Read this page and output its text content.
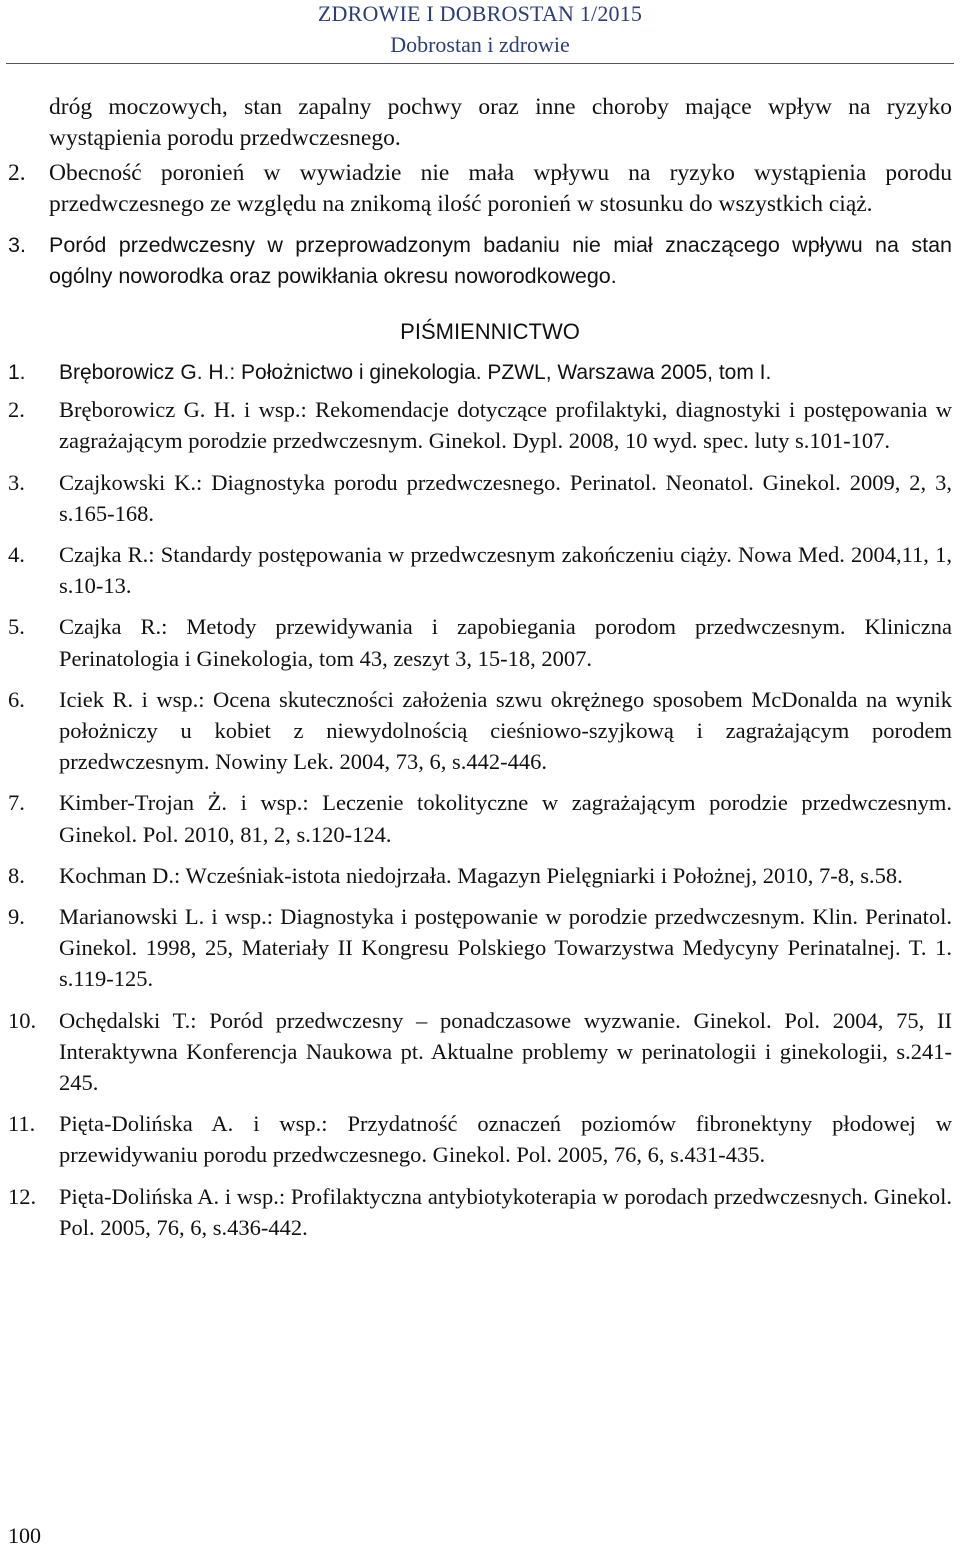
ZDROWIE I DOBROSTAN 1/2015
Dobrostan i zdrowie

dróg moczowych, stan zapalny pochwy oraz inne choroby mające wpływ na ryzyko wystąpienia porodu przedwczesnego.

2. Obecność poronień w wywiadzie nie mała wpływu na ryzyko wystąpienia porodu przedwczesnego ze względu na znikomą ilość poronień w stosunku do wszystkich ciąż.

3. Poród przedwczesny w przeprowadzonym badaniu nie miał znaczącego wpływu na stan ogólny noworodka oraz powikłania okresu noworodkowego.

PIŚMIENNICTWO

1. Bręborowicz G. H.: Położnictwo i ginekologia. PZWL, Warszawa 2005, tom I.

2. Bręborowicz G. H. i wsp.: Rekomendacje dotyczące profilaktyki, diagnostyki i postępowania w zagrażającym porodzie przedwczesnym. Ginekol. Dypl. 2008, 10 wyd. spec. luty s.101-107.

3. Czajkowski K.: Diagnostyka porodu przedwczesnego. Perinatol. Neonatol. Ginekol. 2009, 2, 3, s.165-168.

4. Czajka R.: Standardy postępowania w przedwczesnym zakończeniu ciąży. Nowa Med. 2004,11, 1, s.10-13.

5. Czajka R.: Metody przewidywania i zapobiegania porodom przedwczesnym. Kliniczna Perinatologia i Ginekologia, tom 43, zeszyt 3, 15-18, 2007.

6. Iciek R. i wsp.: Ocena skuteczności założenia szwu okrężnego sposobem McDonalda na wynik położniczy u kobiet z niewydolnością cieśniowo-szyjkową i zagrażającym porodem przedwczesnym. Nowiny Lek. 2004, 73, 6, s.442-446.

7. Kimber-Trojan Ż. i wsp.: Leczenie tokolityczne w zagrażającym porodzie przedwczesnym. Ginekol. Pol. 2010, 81, 2, s.120-124.

8. Kochman D.: Wcześniak-istota niedojrzała. Magazyn Pielęgniarki i Położnej, 2010, 7-8, s.58.

9. Marianowski L. i wsp.: Diagnostyka i postępowanie w porodzie przedwczesnym. Klin. Perinatol. Ginekol. 1998, 25, Materiały II Kongresu Polskiego Towarzystwa Medycyny Perinatalnej. T. 1. s.119-125.

10. Ochędalski T.: Poród przedwczesny – ponadczasowe wyzwanie. Ginekol. Pol. 2004, 75, II Interaktywna Konferencja Naukowa pt. Aktualne problemy w perinatologii i ginekologii, s.241-245.

11. Pięta-Dolińska A. i wsp.: Przydatność oznaczeń poziomów fibronektyny płodowej w przewidywaniu porodu przedwczesnego. Ginekol. Pol. 2005, 76, 6, s.431-435.

12. Pięta-Dolińska A. i wsp.: Profilaktyczna antybiotykoterapia w porodach przedwczesnych. Ginekol. Pol. 2005, 76, 6, s.436-442.

100
